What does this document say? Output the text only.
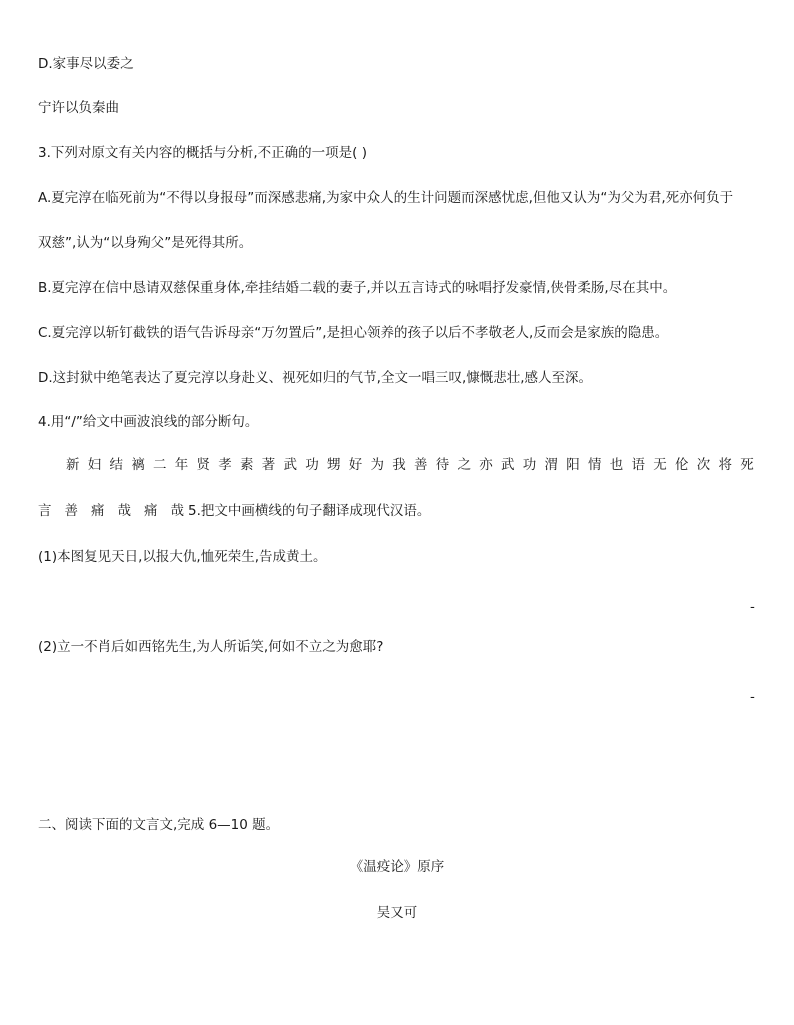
D.家事尽以委之
宁许以负秦曲
3.下列对原文有关内容的概括与分析,不正确的一项是( )
A.夏完淳在临死前为“不得以身报母”而深感悲痛,为家中众人的生计问题而深感忧虑,但他又认为“为父为君,死亦何负于
双慈”,认为“以身殉父”是死得其所。
B.夏完淳在信中恳请双慈保重身体,牵挂结婚二载的妻子,并以五言诗式的咏唱抒发豪情,侠骨柔肠,尽在其中。
C.夏完淳以斩钉截铁的语气告诉母亲“万勿置后”,是担心领养的孩子以后不孝敬老人,反而会是家族的隐患。
D.这封狱中绝笔表达了夏完淳以身赴义、视死如归的气节,全文一唱三叹,慷慨悲壮,感人至深。
4.用“/”给文中画波浪线的部分断句。
新 妇 结 褵 二 年 贤 孝 素 著 武 功 甥 好 为 我 善 待 之 亦 武 功 渭 阳 情 也 语 无 伦 次 将 死
言 善 痛 哉 痛 哉 5.把文中画横线的句子翻译成现代汉语。
(1)本图复见天日,以报大仇,恤死荣生,告成黄土。
-
(2)立一不肖后如西铭先生,为人所诟笑,何如不立之为愈耶?
-
二、阅读下面的文言文,完成 6—10 题。
《温疫论》原序
吴又可
